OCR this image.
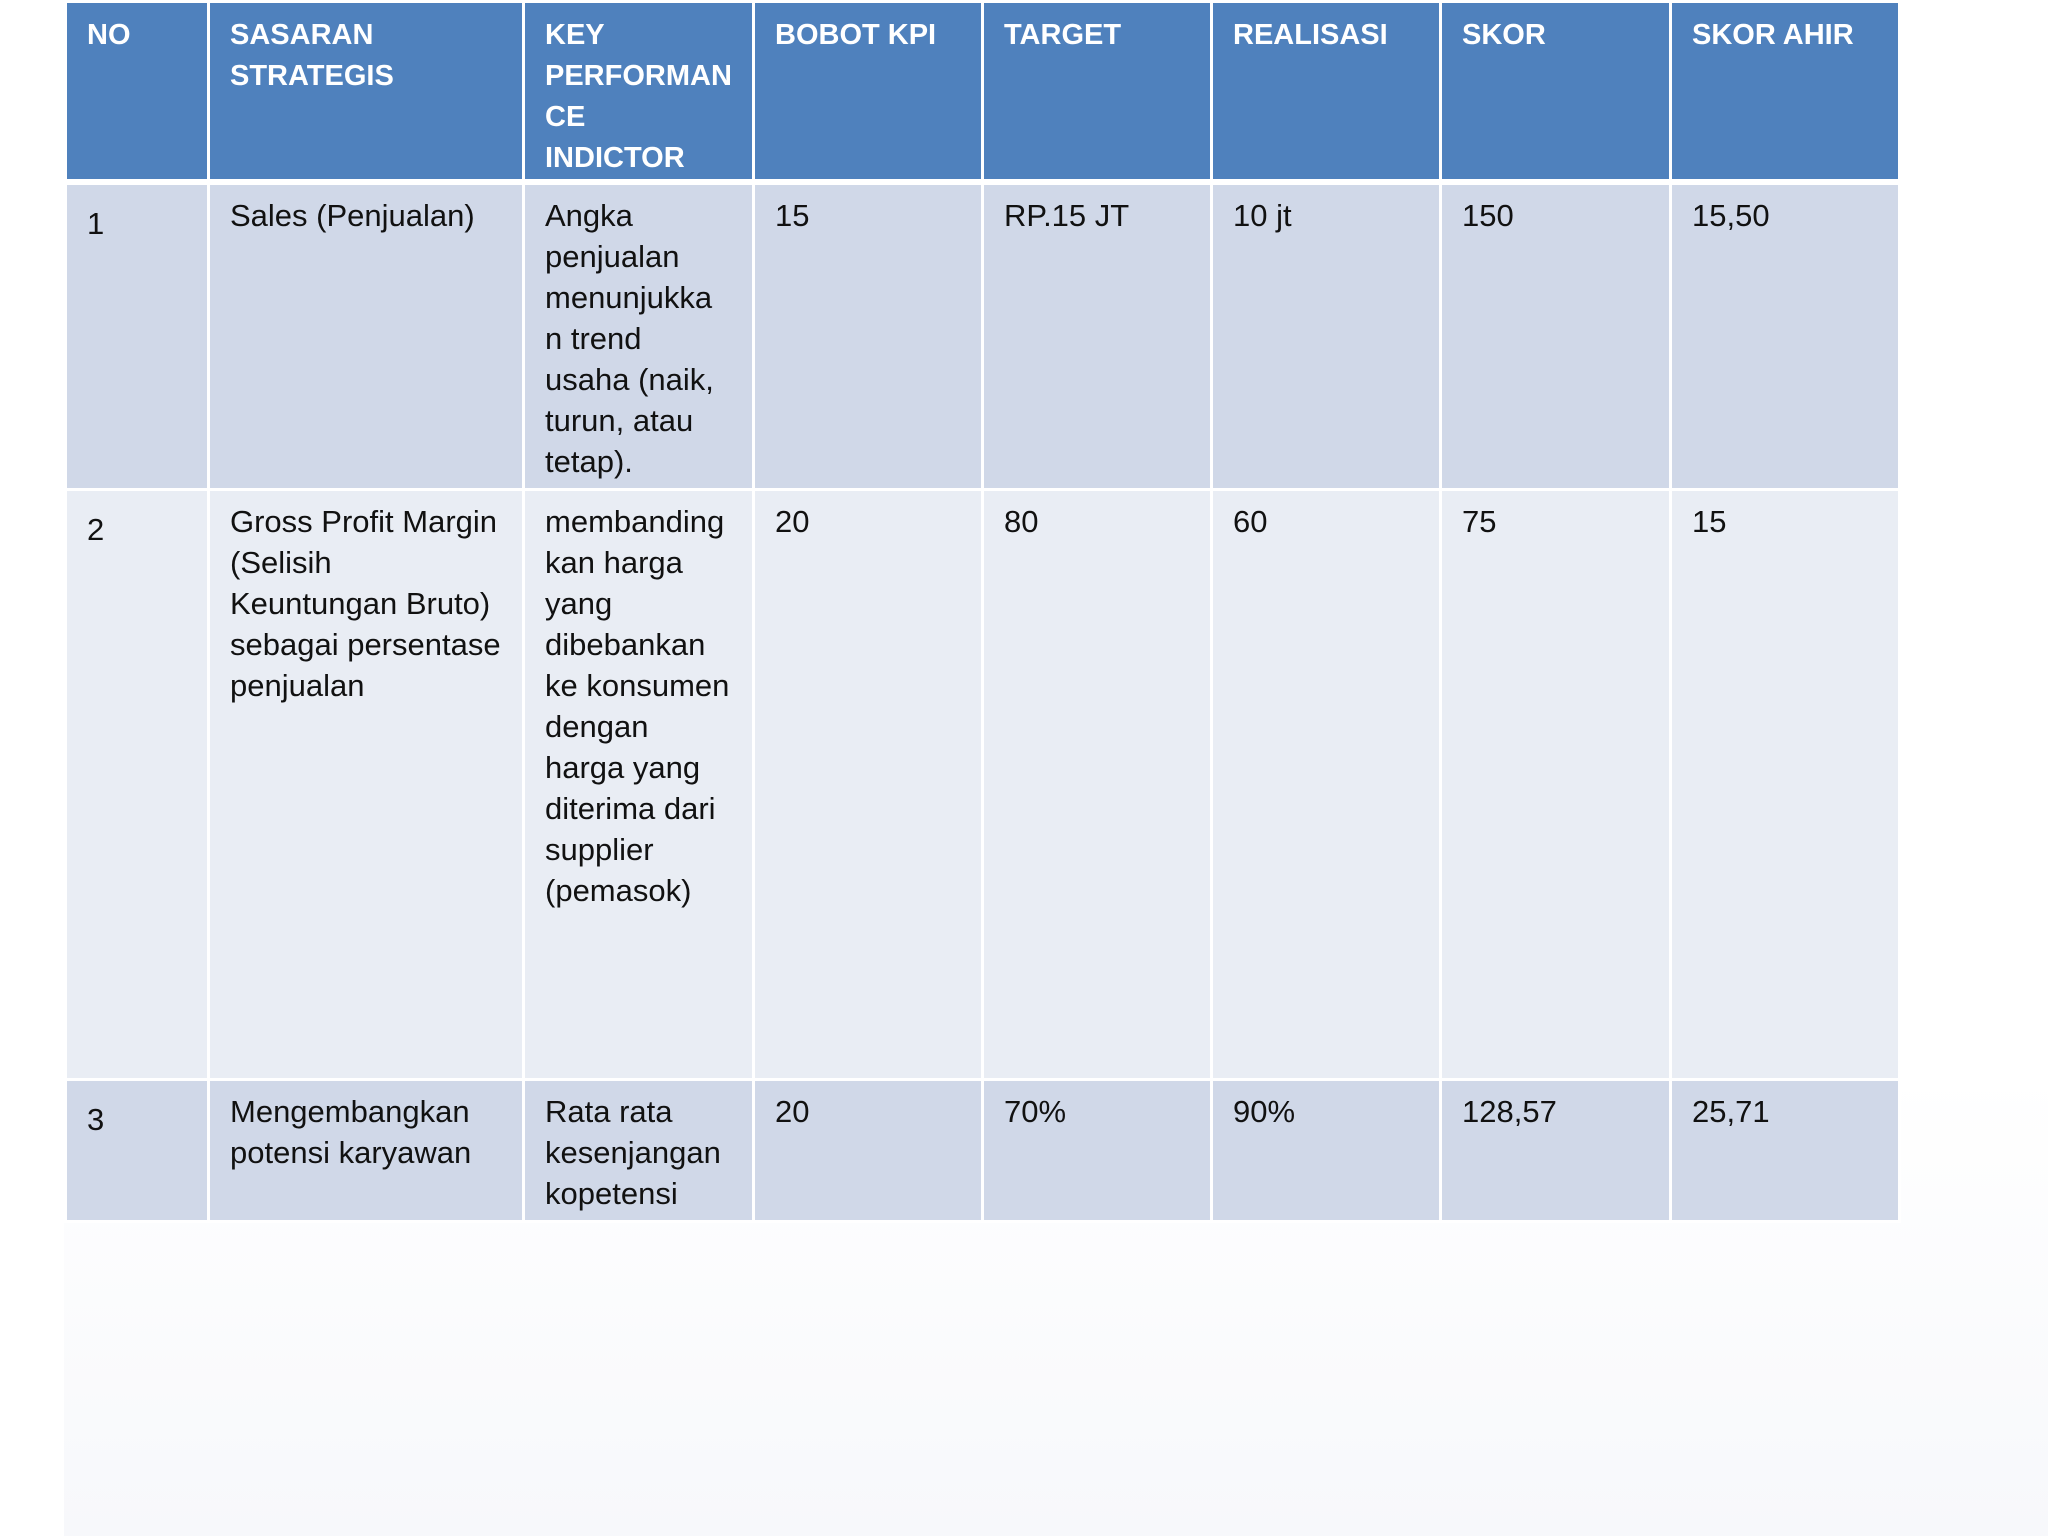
NO	SASARAN STRATEGIS	KEY PERFORMAN CE INDICTOR	BOBOT KPI	TARGET	REALISASI	SKOR	SKOR AHIR
1	Sales (Penjualan)	Angka penjualan menunjukka n trend usaha (naik, turun, atau tetap).	15	RP.15 JT	10 jt	150	15,50
2	Gross Profit Margin (Selisih Keuntungan Bruto) sebagai persentase penjualan	membanding kan harga yang dibebankan ke konsumen dengan harga yang diterima dari supplier (pemasok)	20	80	60	75	15
3	Mengembangkan potensi karyawan	Rata rata kesenjangan kopetensi	20	70%	90%	128,57	25,71
